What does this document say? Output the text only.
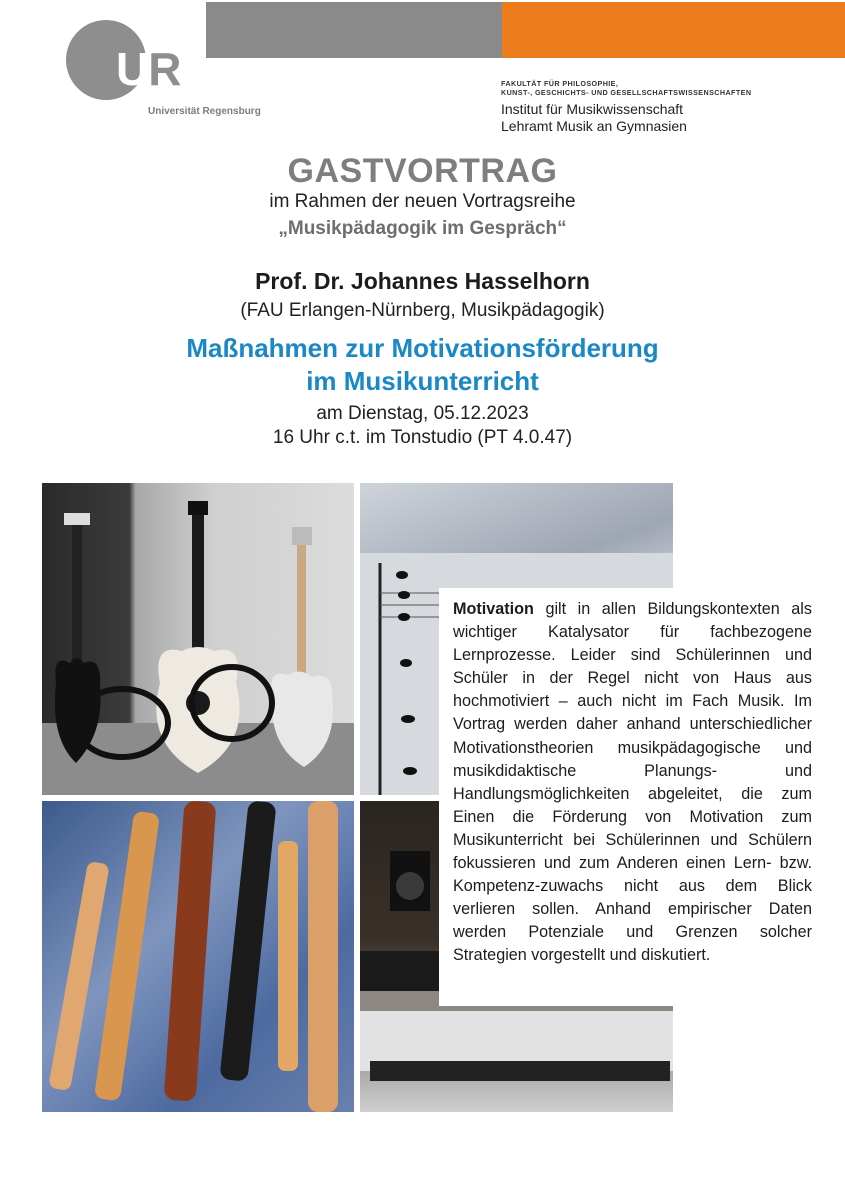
UR
Universität Regensburg
FAKULTÄT FÜR PHILOSOPHIE,
KUNST-, GESCHICHTS- UND GESELLSCHAFTSWISSENSCHAFTEN
Institut für Musikwissenschaft
Lehramt Musik an Gymnasien
GASTVORTRAG
im Rahmen der neuen Vortragsreihe
„Musikpädagogik im Gespräch“
Prof. Dr. Johannes Hasselhorn
(FAU Erlangen-Nürnberg, Musikpädagogik)
Maßnahmen zur Motivationsförderung
im Musikunterricht
am Dienstag, 05.12.2023
16 Uhr c.t. im Tonstudio (PT 4.0.47)

Motivation gilt in allen Bildungskontexten als wichtiger Katalysator für fachbezogene Lernprozesse. Leider sind Schülerinnen und Schüler in der Regel nicht von Haus aus hochmotiviert – auch nicht im Fach Musik. Im Vortrag werden daher anhand unterschiedlicher Motivationstheorien musikpädagogische und musikdidaktische Planungs- und Handlungsmöglichkeiten abgeleitet, die zum Einen die Förderung von Motivation zum Musikunterricht bei Schülerinnen und Schülern fokussieren und zum Anderen einen Lern- bzw. Kompetenz-zuwachs nicht aus dem Blick verlieren sollen. Anhand empirischer Daten werden Potenziale und Grenzen solcher Strategien vorgestellt und diskutiert.
